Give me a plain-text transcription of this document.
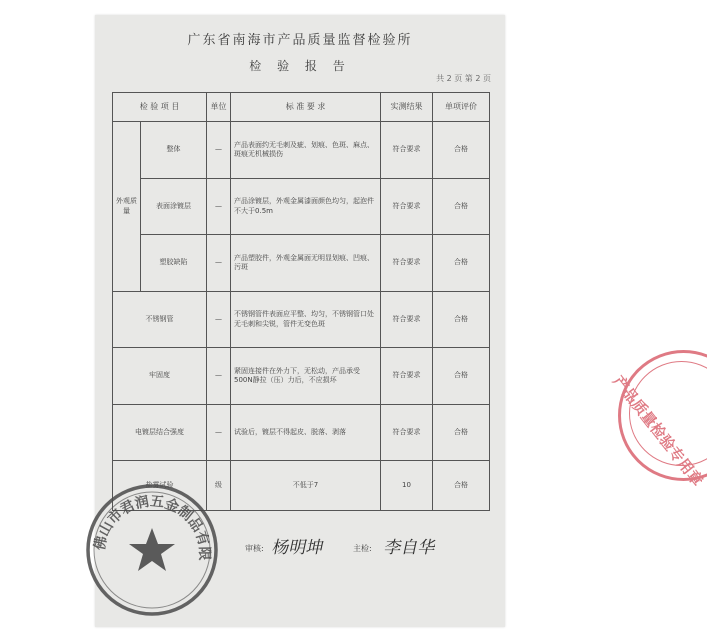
广东省南海市产品质量监督检验所
检 验 报 告
共 2 页 第 2 页
检 验 项 目		单位	标 准 要 求	实测结果	单项评价
外观质量	整体	—	产品表面约无毛刺及疵、划痕、色斑、麻点、斑痕无机械损伤	符合要求	合格
	表面涂镀层	—	产品涂镀层，外观金属漆面颜色均匀，起泡件不大于0.5m	符合要求	合格
	塑胶缺陷	—	产品塑胶件，外观金属面无明显划痕、凹痕、污斑	符合要求	合格
不锈钢管		—	不锈钢管件表面应平整、均匀，不锈钢管口处无毛刺和尖锐，管件无变色斑	符合要求	合格
牢固度		—	紧固连接件在外力下，无松动，产品承受500N静拉（压）力后，不应损坏	符合要求	合格
电镀层结合强度		—	试验后，镀层不得起皮、脱落、剥落	符合要求	合格
盐雾试验		级	不低于7	10	合格
审核: 杨明坤	主检: 李自华
佛山市君润五金制品有限
产品质量检验专用章
